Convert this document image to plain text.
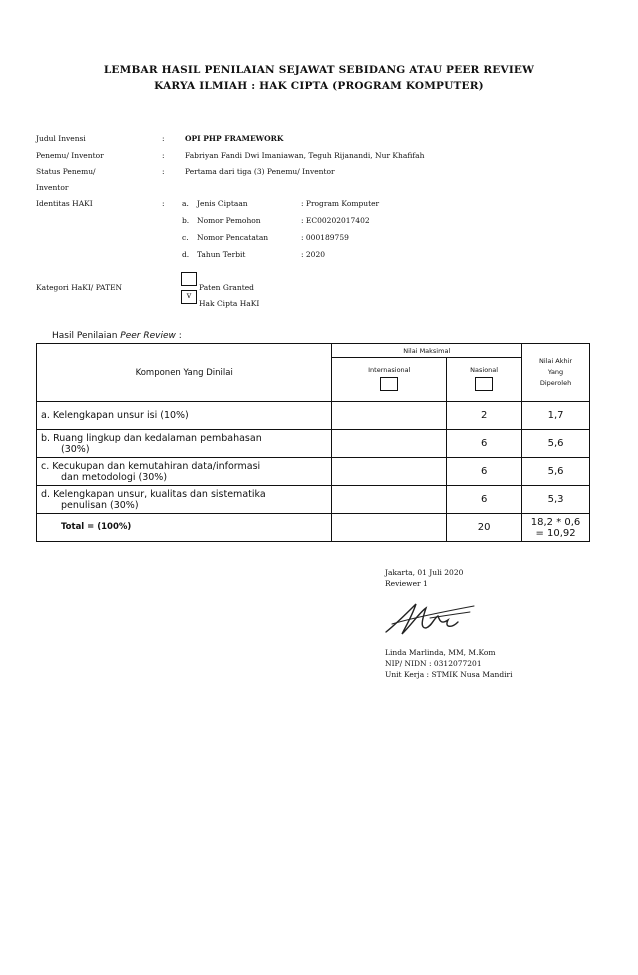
LEMBAR HASIL PENILAIAN SEJAWAT SEBIDANG ATAU PEER REVIEW
KARYA ILMIAH : HAK CIPTA (PROGRAM KOMPUTER)
Judul Invensi	:	OPI PHP FRAMEWORK
Penemu/ Inventor	:	Fabriyan Fandi Dwi Imaniawan, Teguh Rijanandi, Nur Khafifah
Status Penemu/
Inventor
:	Pertama dari tiga (3) Penemu/ Inventor
Identitas HAKI	: a. Jenis Ciptaan	: Program Komputer
b. Nomor Pemohon	: EC00202017402
c. Nomor Pencatatan	: 000189759
d. Tahun Terbit	: 2020
Kategori HaKI/ PATEN	Paten Granted
v
Hak Cipta HaKI
Hasil Penilaian Peer Review :
Komponen Yang Dinilai	Nilai Maksimal		Nilai Akhir
Yang
Diperoleh

	Internasional	Nasional	

a. Kelengkapan unsur isi (10%)		2	1,7

b. Ruang lingkup dan kedalaman pembahasan
(30%)		6	5,6

c. Kecukupan dan kemutahiran data/informasi
dan metodologi (30%)		6	5,6

d. Kelengkapan unsur, kualitas dan sistematika
penulisan (30%)		6	5,3
Total = (100%)		20	18,2 * 0,6
= 10,92
Jakarta, 01 Juli 2020
Reviewer 1
Linda Marlinda, MM, M.Kom
NIP/ NIDN : 0312077201
Unit Kerja : STMIK Nusa Mandiri
